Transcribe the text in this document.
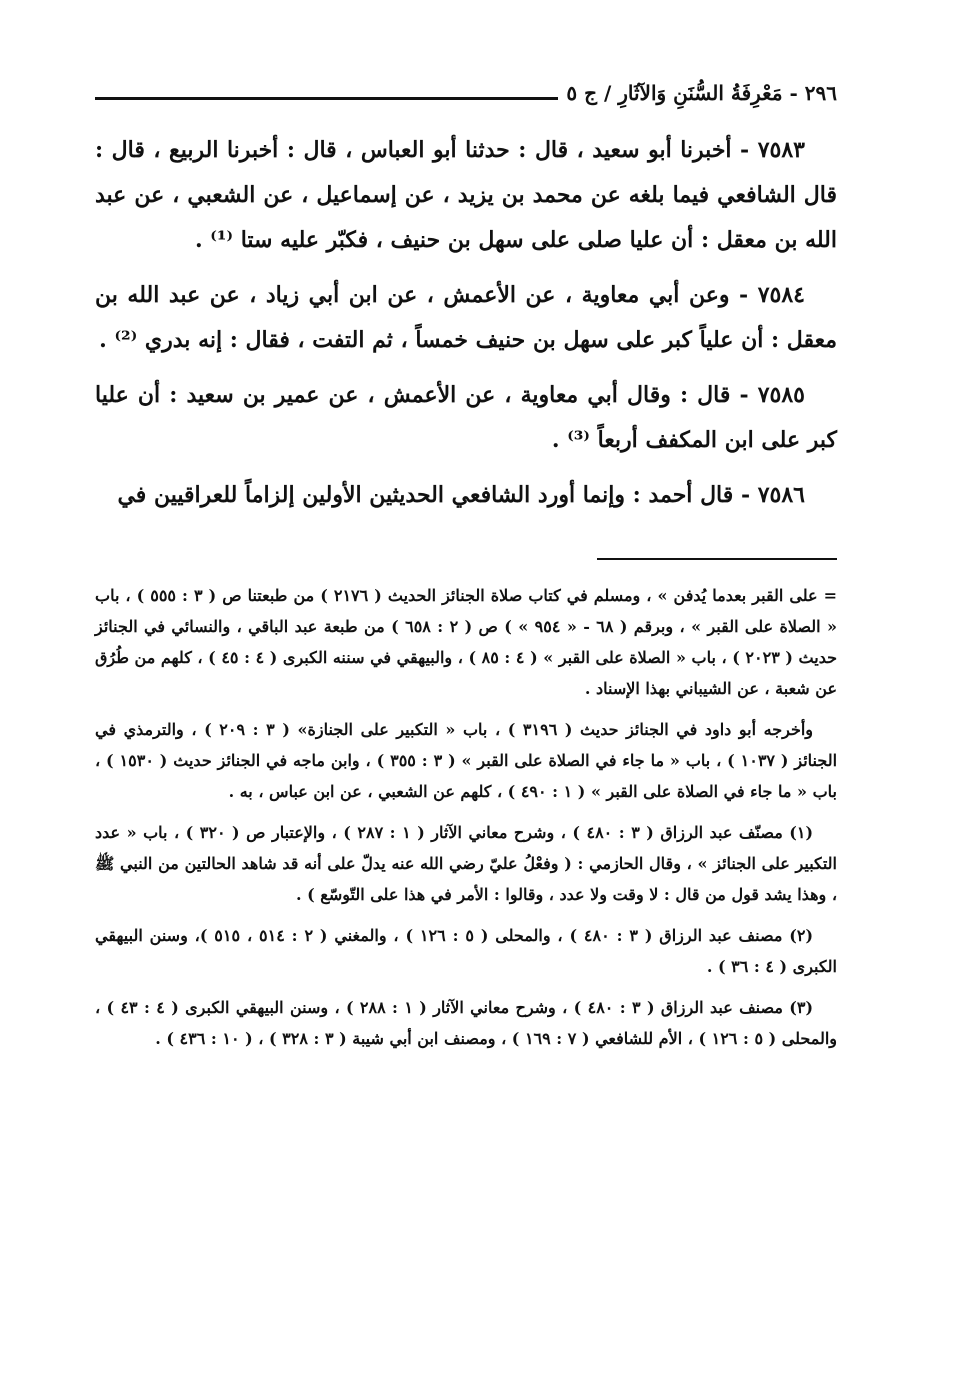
٢٩٦ - مَعْرِفَةُ السُّنَنِ وَالآثَارِ / ج ٥

٧٥٨٣ - أخبرنا أبو سعيد ، قال : حدثنا أبو العباس ، قال : أخبرنا الربيع ، قال : قال الشافعي فيما بلغه عن محمد بن يزيد ، عن إسماعيل ، عن الشعبي ، عن عبد الله بن معقل : أن عليا صلى على سهل بن حنيف ، فكبّر عليه ستا ⁽¹⁾ .

٧٥٨٤ - وعن أبي معاوية ، عن الأعمش ، عن ابن أبي زياد ، عن عبد الله بن معقل : أن علياً كبر على سهل بن حنيف خمساً ، ثم التفت ، فقال : إنه بدري ⁽²⁾ .

٧٥٨٥ - قال : وقال أبي معاوية ، عن الأعمش ، عن عمير بن سعيد : أن عليا كبر على ابن المكفف أربعاً ⁽³⁾ .

٧٥٨٦ - قال أحمد : وإنما أورد الشافعي الحديثين الأولين إلزاماً للعراقيين في

= على القبر بعدما يُدفن » ، ومسلم في كتاب صلاة الجنائز الحديث ( ٢١٧٦ ) من طبعتنا ص ( ٣ : ٥٥٥ ) ، باب « الصلاة على القبر » ، وبرقم ( ٦٨ - « ٩٥٤ » ) ص ( ٢ : ٦٥٨ ) من طبعة عبد الباقي ، والنسائي في الجنائز حديث ( ٢٠٢٣ ) ، باب « الصلاة على القبر » ( ٤ : ٨٥ ) ، والبيهقي في سننه الكبرى ( ٤ : ٤٥ ) ، كلهم من طُرُق عن شعبة ، عن الشيباني بهذا الإسناد .

وأخرجه أبو داود في الجنائز حديث ( ٣١٩٦ ) ، باب « التكبير على الجنازة» ( ٣ : ٢٠٩ ) ، والترمذي في الجنائز ( ١٠٣٧ ) ، باب « ما جاء في الصلاة على القبر » ( ٣ : ٣٥٥ ) ، وابن ماجه في الجنائز حديث ( ١٥٣٠ ) ، باب « ما جاء في الصلاة على القبر » ( ١ : ٤٩٠ ) ، كلهم عن الشعبي ، عن ابن عباس ، به .

(١) مصنّف عبد الرزاق ( ٣ : ٤٨٠ ) ، وشرح معاني الآثار ( ١ : ٢٨٧ ) ، والإعتبار ص ( ٣٢٠ ) ، باب « عدد التكبير على الجنائز » ، وقال الحازمي : ( وفعْلُ عليّ رضي الله عنه يدلّ على أنه قد شاهد الحالتين من النبي ﷺ ، وهذا يشد قول من قال : لا وقت ولا عدد ، وقالوا : الأمر في هذا على التّوسّع ) .

(٢) مصنف عبد الرزاق ( ٣ : ٤٨٠ ) ، والمحلى ( ٥ : ١٢٦ ) ، والمغني ( ٢ : ٥١٤ ، ٥١٥ )، وسنن البيهقي الكبرى ( ٤ : ٣٦ ) .

(٣) مصنف عبد الرزاق ( ٣ : ٤٨٠ ) ، وشرح معاني الآثار ( ١ : ٢٨٨ ) ، وسنن البيهقي الكبرى ( ٤ : ٤٣ ) ، والمحلى ( ٥ : ١٢٦ ) ، الأم للشافعي ( ٧ : ١٦٩ ) ، ومصنف ابن أبي شيبة ( ٣ : ٣٢٨ ) ، ( ١٠ : ٤٣٦ ) .
